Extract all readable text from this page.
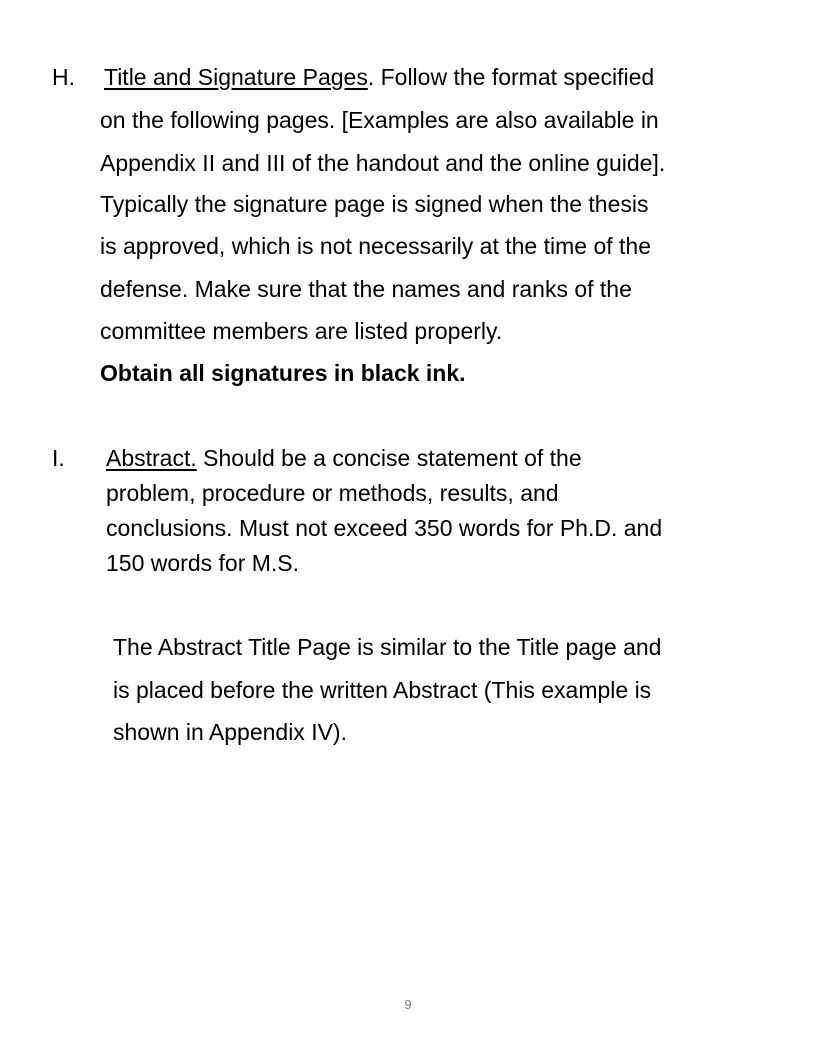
H. Title and Signature Pages. Follow the format specified
on the following pages. [Examples are also available in
Appendix II and III of the handout and the online guide].
Typically the signature page is signed when the thesis
is approved, which is not necessarily at the time of the
defense. Make sure that the names and ranks of the
committee members are listed properly.
Obtain all signatures in black ink.
I. Abstract. Should be a concise statement of the
problem, procedure or methods, results, and
conclusions. Must not exceed 350 words for Ph.D. and
150 words for M.S.
The Abstract Title Page is similar to the Title page and
is placed before the written Abstract (This example is
shown in Appendix IV).
9
